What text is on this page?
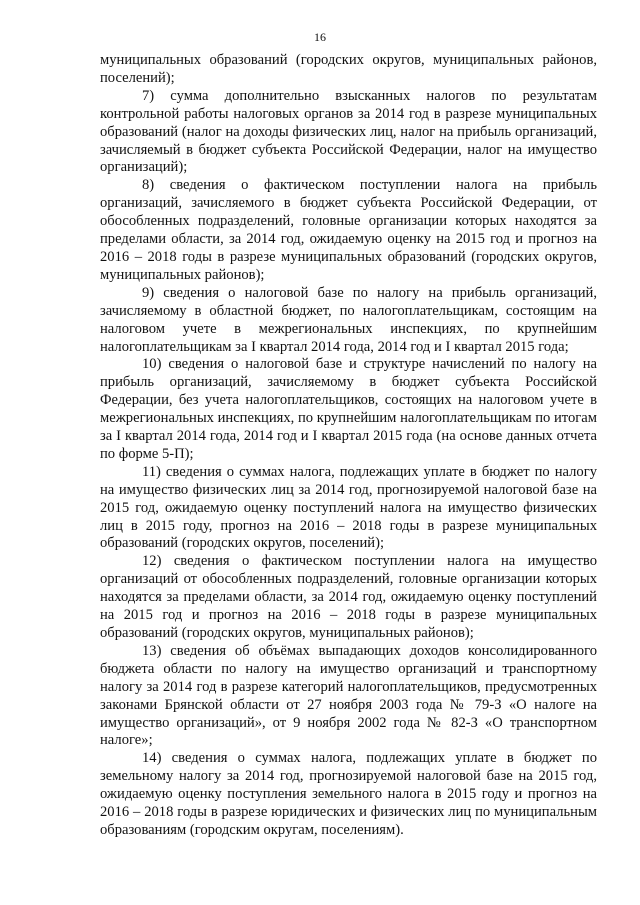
16

муниципальных образований (городских округов, муниципальных районов, поселений);

7) сумма дополнительно взысканных налогов по результатам контрольной работы налоговых органов за 2014 год в разрезе муниципальных образований (налог на доходы физических лиц, налог на прибыль организаций, зачисляемый в бюджет субъекта Российской Федерации, налог на имущество организаций);

8) сведения о фактическом поступлении налога на прибыль организаций, зачисляемого в бюджет субъекта Российской Федерации, от обособленных подразделений, головные организации которых находятся за пределами области, за 2014 год, ожидаемую оценку на 2015 год и прогноз на 2016 – 2018 годы в разрезе муниципальных образований (городских округов, муниципальных районов);

9) сведения о налоговой базе по налогу на прибыль организаций, зачисляемому в областной бюджет, по налогоплательщикам, состоящим на налоговом учете в межрегиональных инспекциях, по крупнейшим налогоплательщикам за I квартал 2014 года, 2014 год и I квартал 2015 года;

10) сведения о налоговой базе и структуре начислений по налогу на прибыль организаций, зачисляемому в бюджет субъекта Российской Федерации, без учета налогоплательщиков, состоящих на налоговом учете в межрегиональных инспекциях, по крупнейшим налогоплательщикам по итогам за I квартал 2014 года, 2014 год и I квартал 2015 года (на основе данных отчета по форме 5-П);

11) сведения о суммах налога, подлежащих уплате в бюджет по налогу на имущество физических лиц за 2014 год, прогнозируемой налоговой базе на 2015 год, ожидаемую оценку поступлений налога на имущество физических лиц в 2015 году, прогноз на 2016 – 2018 годы в разрезе муниципальных образований (городских округов, поселений);

12) сведения о фактическом поступлении налога на имущество организаций от обособленных подразделений, головные организации которых находятся за пределами области, за 2014 год, ожидаемую оценку поступлений на 2015 год и прогноз на 2016 – 2018 годы в разрезе муниципальных образований (городских округов, муниципальных районов);

13) сведения об объёмах выпадающих доходов консолидированного бюджета области по налогу на имущество организаций и транспортному налогу за 2014 год в разрезе категорий налогоплательщиков, предусмотренных законами Брянской области от 27 ноября 2003 года № 79-З «О налоге на имущество организаций», от 9 ноября 2002 года № 82-З «О транспортном налоге»;

14) сведения о суммах налога, подлежащих уплате в бюджет по земельному налогу за 2014 год, прогнозируемой налоговой базе на 2015 год, ожидаемую оценку поступления земельного налога в 2015 году и прогноз на 2016 – 2018 годы в разрезе юридических и физических лиц по муниципальным образованиям (городским округам, поселениям).
